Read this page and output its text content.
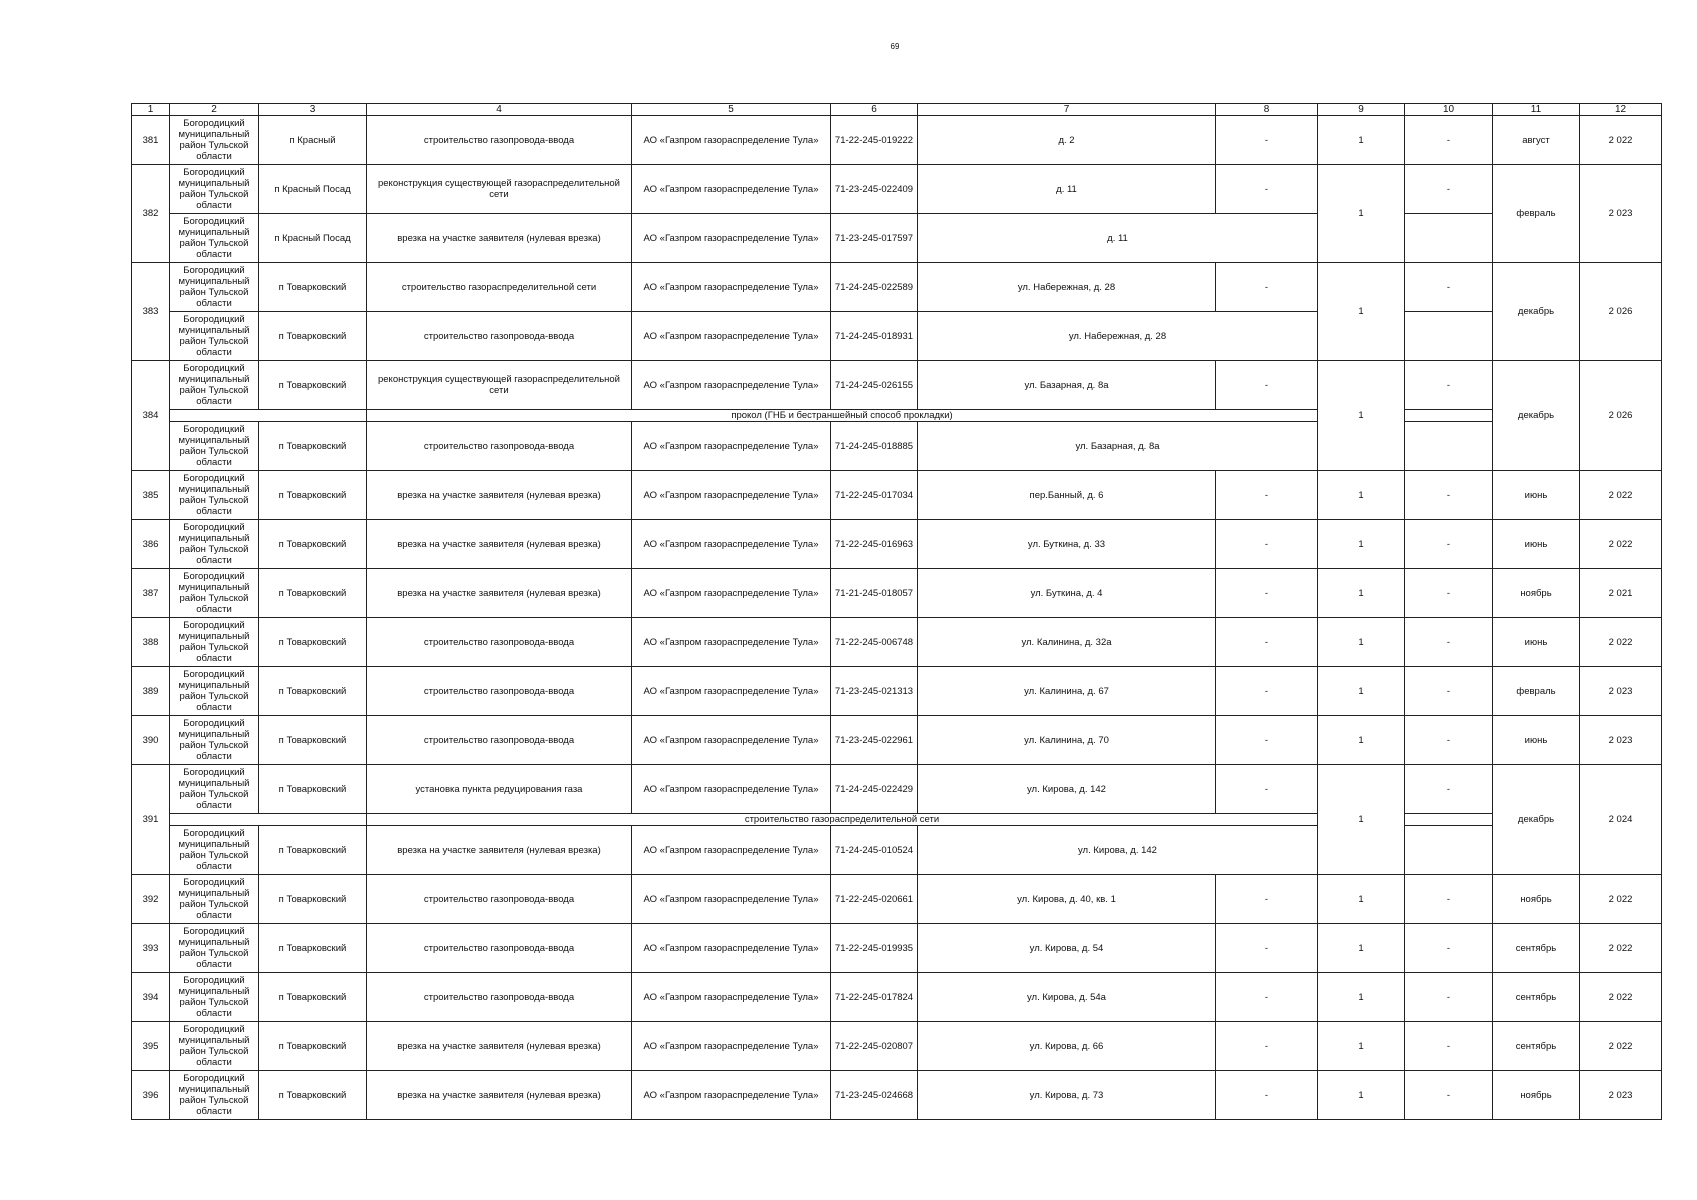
69
1	2	3	4	5	6	7	8	9	10	11	12
381	Богородицкий муниципальный район Тульской области	п Красный	строительство газопровода-ввода	АО «Газпром газораспределение Тула»	71-22-245-019222	д. 2	-	1	-	август	2 022
382	Богородицкий муниципальный район Тульской области	п Красный Посад	реконструкция существующей газораспределительной сети	АО «Газпром газораспределение Тула»	71-23-245-022409	д. 11	-	1	-	февраль	2 023
	Богородицкий муниципальный район Тульской области	п Красный Посад	врезка на участке заявителя (нулевая врезка)	АО «Газпром газораспределение Тула»	71-23-245-017597	д. 11					
383	Богородицкий муниципальный район Тульской области	п Товарковский	строительство газораспределительной сети	АО «Газпром газораспределение Тула»	71-24-245-022589	ул. Набережная, д. 28	-	1	-	декабрь	2 026
	Богородицкий муниципальный район Тульской области	п Товарковский	строительство газопровода-ввода	АО «Газпром газораспределение Тула»	71-24-245-018931	ул. Набережная, д. 28					
384	Богородицкий муниципальный район Тульской области	п Товарковский	реконструкция существующей газораспределительной сети	АО «Газпром газораспределение Тула»	71-24-245-026155	ул. Базарная, д. 8а	-	1	-	декабрь	2 026
			прокол (ГНБ и бестраншейный способ прокладки)								
	Богородицкий муниципальный район Тульской области	п Товарковский	строительство газопровода-ввода	АО «Газпром газораспределение Тула»	71-24-245-018885	ул. Базарная, д. 8а					
385	Богородицкий муниципальный район Тульской области	п Товарковский	врезка на участке заявителя (нулевая врезка)	АО «Газпром газораспределение Тула»	71-22-245-017034	пер.Банный, д. 6	-	1	-	июнь	2 022
386	Богородицкий муниципальный район Тульской области	п Товарковский	врезка на участке заявителя (нулевая врезка)	АО «Газпром газораспределение Тула»	71-22-245-016963	ул. Буткина, д. 33	-	1	-	июнь	2 022
387	Богородицкий муниципальный район Тульской области	п Товарковский	врезка на участке заявителя (нулевая врезка)	АО «Газпром газораспределение Тула»	71-21-245-018057	ул. Буткина, д. 4	-	1	-	ноябрь	2 021
388	Богородицкий муниципальный район Тульской области	п Товарковский	строительство газопровода-ввода	АО «Газпром газораспределение Тула»	71-22-245-006748	ул. Калинина, д. 32а	-	1	-	июнь	2 022
389	Богородицкий муниципальный район Тульской области	п Товарковский	строительство газопровода-ввода	АО «Газпром газораспределение Тула»	71-23-245-021313	ул. Калинина, д. 67	-	1	-	февраль	2 023
390	Богородицкий муниципальный район Тульской области	п Товарковский	строительство газопровода-ввода	АО «Газпром газораспределение Тула»	71-23-245-022961	ул. Калинина, д. 70	-	1	-	июнь	2 023
391	Богородицкий муниципальный район Тульской области	п Товарковский	установка пункта редуцирования газа	АО «Газпром газораспределение Тула»	71-24-245-022429	ул. Кирова, д. 142	-	1	-	декабрь	2 024
			строительство газораспределительной сети								
	Богородицкий муниципальный район Тульской области	п Товарковский	врезка на участке заявителя (нулевая врезка)	АО «Газпром газораспределение Тула»	71-24-245-010524	ул. Кирова, д. 142					
392	Богородицкий муниципальный район Тульской области	п Товарковский	строительство газопровода-ввода	АО «Газпром газораспределение Тула»	71-22-245-020661	ул. Кирова, д. 40, кв. 1	-	1	-	ноябрь	2 022
393	Богородицкий муниципальный район Тульской области	п Товарковский	строительство газопровода-ввода	АО «Газпром газораспределение Тула»	71-22-245-019935	ул. Кирова, д. 54	-	1	-	сентябрь	2 022
394	Богородицкий муниципальный район Тульской области	п Товарковский	строительство газопровода-ввода	АО «Газпром газораспределение Тула»	71-22-245-017824	ул. Кирова, д. 54а	-	1	-	сентябрь	2 022
395	Богородицкий муниципальный район Тульской области	п Товарковский	врезка на участке заявителя (нулевая врезка)	АО «Газпром газораспределение Тула»	71-22-245-020807	ул. Кирова, д. 66	-	1	-	сентябрь	2 022
396	Богородицкий муниципальный район Тульской области	п Товарковский	врезка на участке заявителя (нулевая врезка)	АО «Газпром газораспределение Тула»	71-23-245-024668	ул. Кирова, д. 73	-	1	-	ноябрь	2 023
